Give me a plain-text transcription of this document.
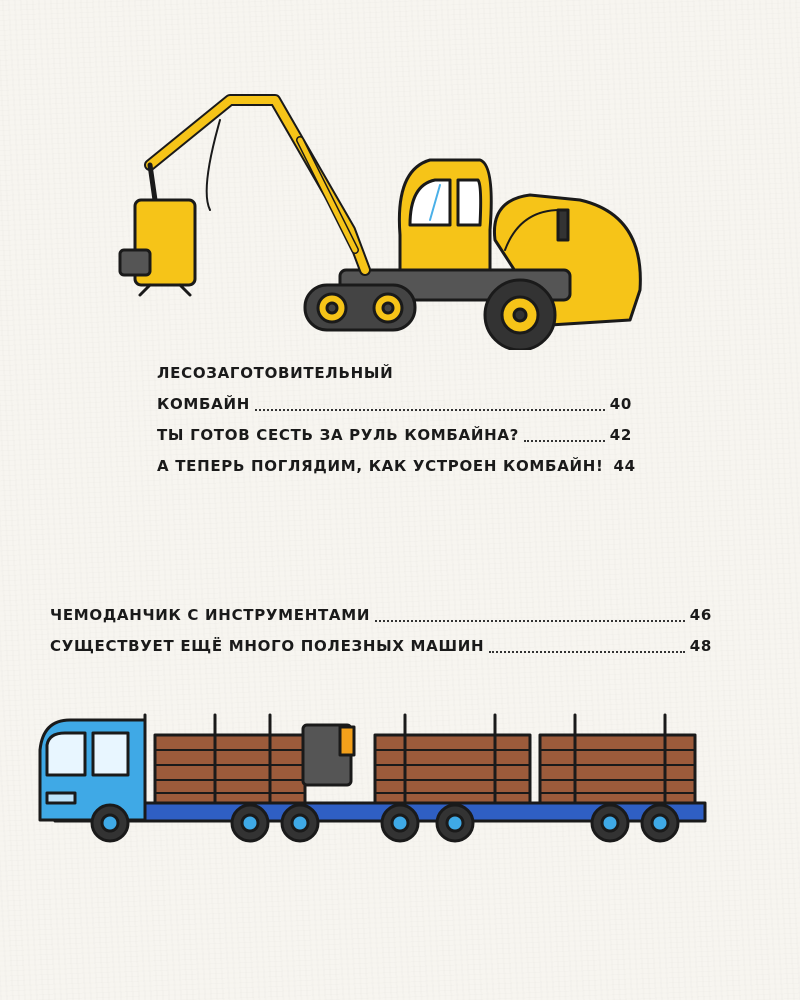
ЛЕСОЗАГОТОВИТЕЛЬНЫЙ
КОМБАЙН	40
ТЫ ГОТОВ СЕСТЬ ЗА РУЛЬ КОМБАЙНА?	42
А ТЕПЕРЬ ПОГЛЯДИМ, КАК УСТРОЕН КОМБАЙН! 44
ЧЕМОДАНЧИК С ИНСТРУМЕНТАМИ	46
СУЩЕСТВУЕТ ЕЩЁ МНОГО ПОЛЕЗНЫХ МАШИН	48
